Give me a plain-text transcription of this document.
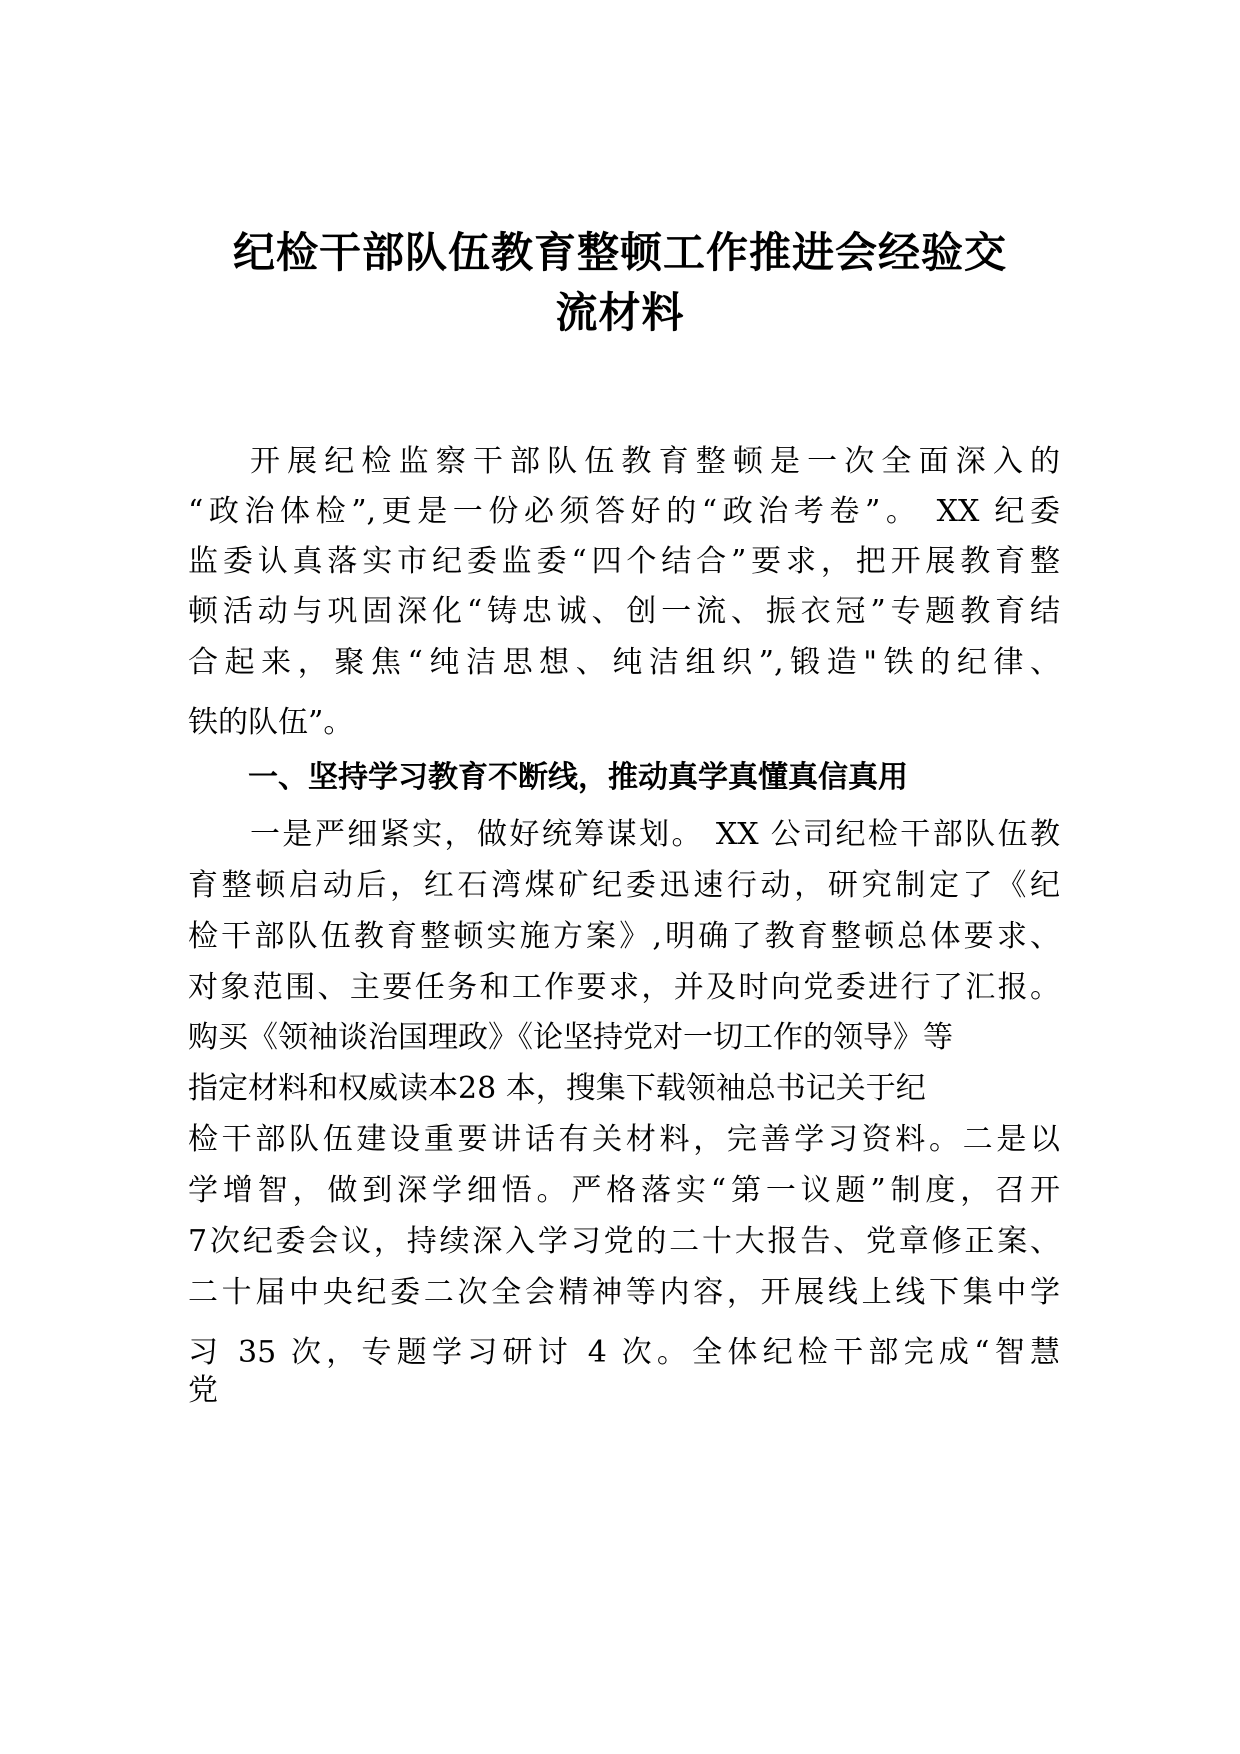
纪检干部队伍教育整顿工作推进会经验交
流材料
开展纪检监察干部队伍教育整顿是一次全面深入的
“政治体检”,更是一份必须答好的“政治考卷”。 XX 纪委
监委认真落实市纪委监委“四个结合”要求，把开展教育整
顿活动与巩固深化“铸忠诚、创一流、振衣冠”专题教育结
合起来，聚焦“纯洁思想、纯洁组织”,锻造"铁的纪律、
铁的队伍”。
一、坚持学习教育不断线，推动真学真懂真信真用
一是严细紧实，做好统筹谋划。 XX 公司纪检干部队伍教
育整顿启动后，红石湾煤矿纪委迅速行动，研究制定了《纪
检干部队伍教育整顿实施方案》,明确了教育整顿总体要求、
对象范围、主要任务和工作要求，并及时向党委进行了汇报。
购买《领袖谈治国理政》《论坚持党对一切工作的领导》等
指定材料和权威读本28 本，搜集下载领袖总书记关于纪
检干部队伍建设重要讲话有关材料，完善学习资料。二是以
学增智，做到深学细悟。严格落实“第一议题”制度，召开
7次纪委会议，持续深入学习党的二十大报告、党章修正案、
二十届中央纪委二次全会精神等内容，开展线上线下集中学
习 35 次，专题学习研讨 4 次。全体纪检干部完成“智慧
党
